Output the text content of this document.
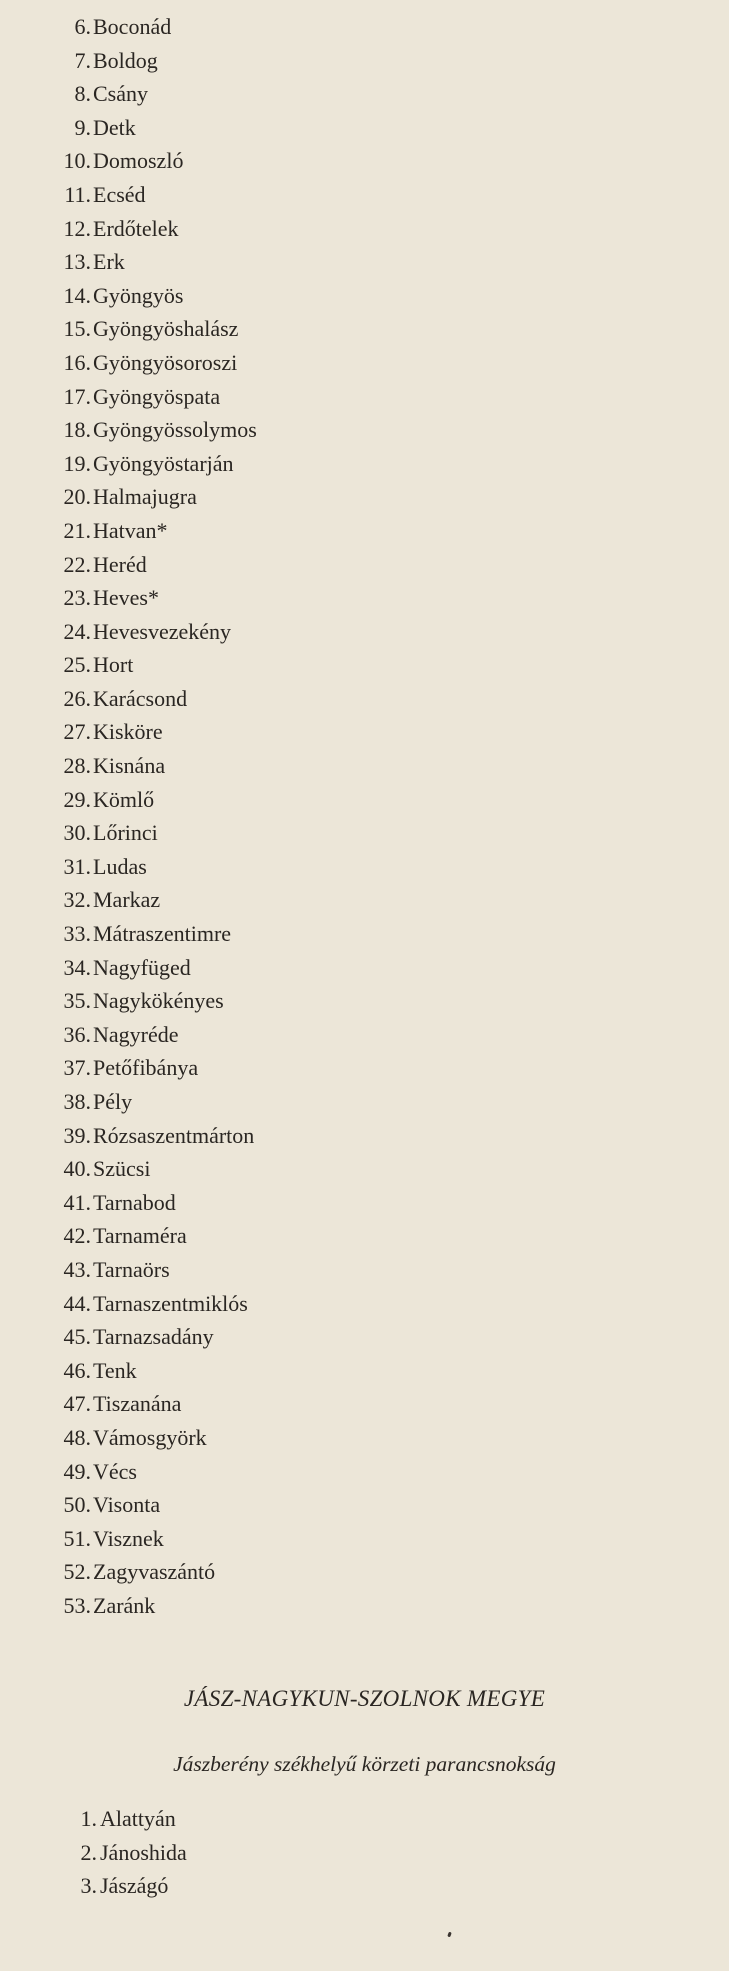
6. Boconád
7. Boldog
8. Csány
9. Detk
10. Domoszló
11. Ecséd
12. Erdőtelek
13. Erk
14. Gyöngyös
15. Gyöngyöshalász
16. Gyöngyösoroszi
17. Gyöngyöspata
18. Gyöngyössolymos
19. Gyöngyöstarján
20. Halmajugra
21. Hatvan*
22. Heréd
23. Heves*
24. Hevesvezekény
25. Hort
26. Karácsond
27. Kisköre
28. Kisnána
29. Kömlő
30. Lőrinci
31. Ludas
32. Markaz
33. Mátraszentimre
34. Nagyfüged
35. Nagykökényes
36. Nagyréde
37. Petőfibánya
38. Pély
39. Rózsaszentmárton
40. Szücsi
41. Tarnabod
42. Tarnaméra
43. Tarnaörs
44. Tarnaszentmiklós
45. Tarnazsadány
46. Tenk
47. Tiszanána
48. Vámosgyörk
49. Vécs
50. Visonta
51. Visznek
52. Zagyvaszántó
53. Zaránk
JÁSZ-NAGYKUN-SZOLNOK MEGYE
Jászberény székhelyű körzeti parancsnokság
1. Alattyán
2. Jánoshida
3. Jászágó
